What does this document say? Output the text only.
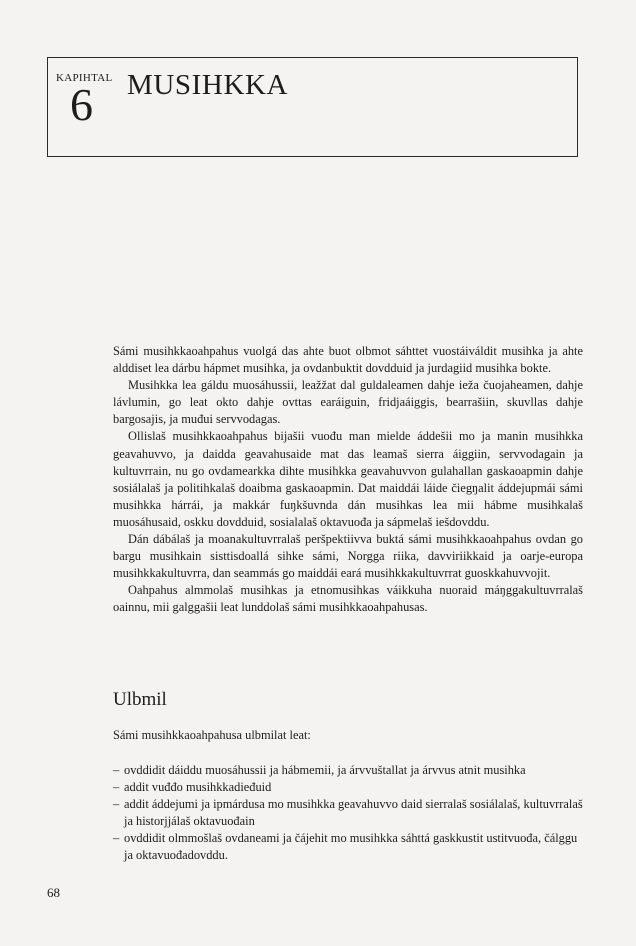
KAPIHTAL
6 MUSIHKKA

Sámi musihkkaoahpahus vuolgá das ahte buot olbmot sáhttet vuostáiváldit musihka ja ahte alddiset lea dárbu hápmet musihka, ja ovdanbuktit dovdduid ja jurdagiid musihka bokte.

Musihkka lea gáldu muosáhussii, leažžat dal guldaleamen dahje ieža čuojaheamen, dahje lávlumin, go leat okto dahje ovttas earáiguin, fridjaáiggis, bearrašiin, skuvllas dahje bargosajis, ja muđui servvodagas.

Ollislaš musihkkaoahpahus bijašii vuođu man mielde áddešii mo ja manin musihkka geavahuvvo, ja daidda geavahusaide mat das leamaš sierra áiggiin, servvodagain ja kultuvrrain, nu go ovdamearkka dihte musihkka geavahuvvon gulahallan gaskaoapmin dahje sosiálalaš ja politihkalaš doaibma gaskaoapmin. Dat maiddái láide čiegŋalit áddejupmái sámi musihkka hárrái, ja makkár fuŋkšuvnda dán musihkas lea mii hábme musihkalaš muosáhusaid, oskku dovdduid, sosialalaš oktavuođa ja sápmelaš iešdovddu.

Dán dábálaš ja moanakultuvrralaš peršpektiivva buktá sámi musihkkaoahpahus ovdan go bargu musihkain sisttisdoallá sihke sámi, Norgga riika, davviriikkaid ja oarje-europa musihkkakultuvrra, dan seammás go maiddái eará musihkkakultuvrrat guoskkahuvvojit.

Oahpahus almmolaš musihkas ja etnomusihkas váikkuha nuoraid máŋggakultuvrralaš oainnu, mii galggašii leat lunddolaš sámi musihkkaoahpahusas.

Ulbmil
Sámi musihkkaoahpahusa ulbmilat leat:
– ovddidit dáiddu muosáhussii ja hábmemii, ja árvvuštallat ja árvvus atnit musihka
– addit vuđđo musihkkadieđuid
– addit áddejumi ja ipmárdusa mo musihkka geavahuvvo daid sierralaš sosiálalaš, kultuvrralaš ja historjjálaš oktavuođain
– ovddidit olmmošlaš ovdaneami ja čájehit mo musihkka sáhttá gaskkustit ustitvuođa, čálggu ja oktavuođadovddu.
68
